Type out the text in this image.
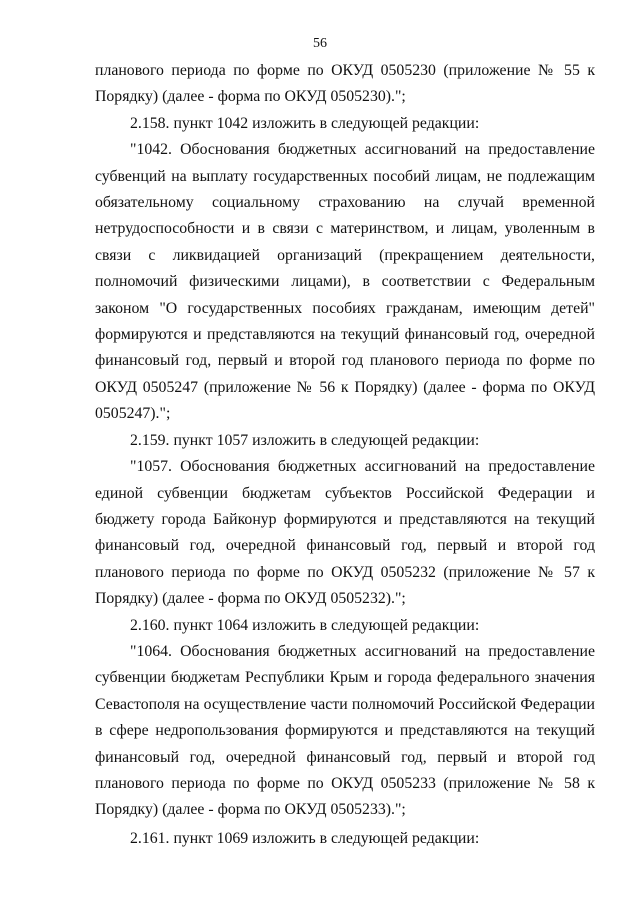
56

планового периода по форме по ОКУД 0505230 (приложение № 55 к Порядку) (далее - форма по ОКУД 0505230).";

2.158. пункт 1042 изложить в следующей редакции:

"1042. Обоснования бюджетных ассигнований на предоставление субвенций на выплату государственных пособий лицам, не подлежащим обязательному социальному страхованию на случай временной нетрудоспособности и в связи с материнством, и лицам, уволенным в связи с ликвидацией организаций (прекращением деятельности, полномочий физическими лицами), в соответствии с Федеральным законом "О государственных пособиях гражданам, имеющим детей" формируются и представляются на текущий финансовый год, очередной финансовый год, первый и второй год планового периода по форме по ОКУД 0505247 (приложение № 56 к Порядку) (далее - форма по ОКУД 0505247).";

2.159. пункт 1057 изложить в следующей редакции:

"1057. Обоснования бюджетных ассигнований на предоставление единой субвенции бюджетам субъектов Российской Федерации и бюджету города Байконур формируются и представляются на текущий финансовый год, очередной финансовый год, первый и второй год планового периода по форме по ОКУД 0505232 (приложение № 57 к Порядку) (далее - форма по ОКУД 0505232).";

2.160. пункт 1064 изложить в следующей редакции:

"1064. Обоснования бюджетных ассигнований на предоставление субвенции бюджетам Республики Крым и города федерального значения Севастополя на осуществление части полномочий Российской Федерации в сфере недропользования формируются и представляются на текущий финансовый год, очередной финансовый год, первый и второй год планового периода по форме по ОКУД 0505233 (приложение № 58 к Порядку) (далее - форма по ОКУД 0505233).";

2.161. пункт 1069 изложить в следующей редакции:
